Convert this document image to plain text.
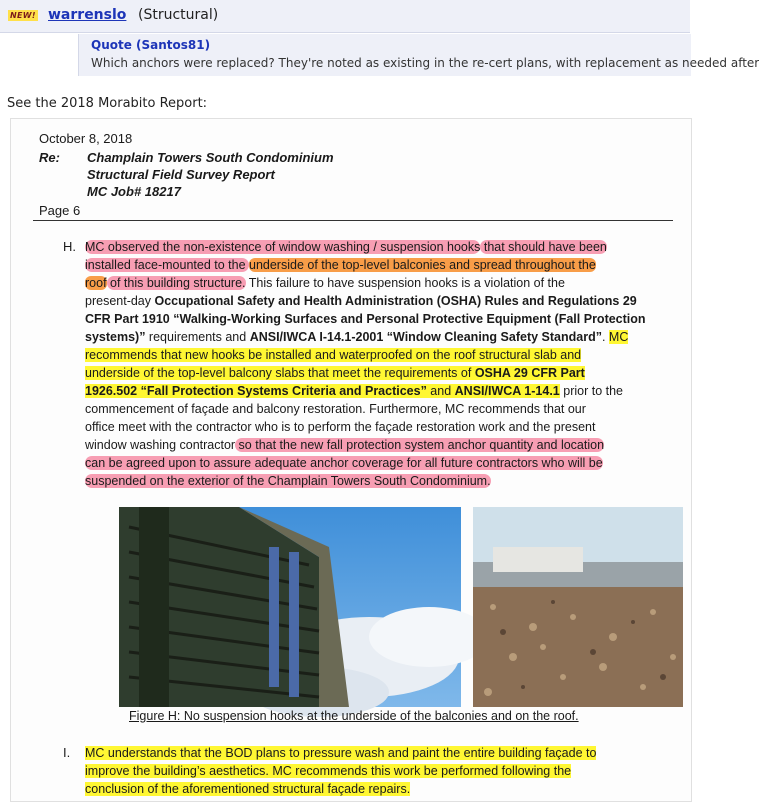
NEW! warrenslo (Structural)
Quote (Santos81)
Which anchors were replaced? They're noted as existing in the re-cert plans, with replacement as needed after
See the 2018 Morabito Report:
October 8, 2018
Re: Champlain Towers South Condominium
Structural Field Survey Report
MC Job# 18217
Page 6
H. MC observed the non-existence of window washing / suspension hooks that should have been
installed face-mounted to the underside of the top-level balconies and spread throughout the
roof of this building structure. This failure to have suspension hooks is a violation of the
present-day Occupational Safety and Health Administration (OSHA) Rules and Regulations 29
CFR Part 1910 “Walking-Working Surfaces and Personal Protective Equipment (Fall Protection
systems)” requirements and ANSI/IWCA I-14.1-2001 “Window Cleaning Safety Standard”. MC
recommends that new hooks be installed and waterproofed on the roof structural slab and
underside of the top-level balcony slabs that meet the requirements of OSHA 29 CFR Part
1926.502 “Fall Protection Systems Criteria and Practices” and ANSI/IWCA 1-14.1 prior to the
commencement of façade and balcony restoration. Furthermore, MC recommends that our
office meet with the contractor who is to perform the façade restoration work and the present
window washing contractor so that the new fall protection system anchor quantity and location
can be agreed upon to assure adequate anchor coverage for all future contractors who will be
suspended on the exterior of the Champlain Towers South Condominium.
Figure H: No suspension hooks at the underside of the balconies and on the roof.
I. MC understands that the BOD plans to pressure wash and paint the entire building façade to
improve the building’s aesthetics. MC recommends this work be performed following the
conclusion of the aforementioned structural façade repairs.
